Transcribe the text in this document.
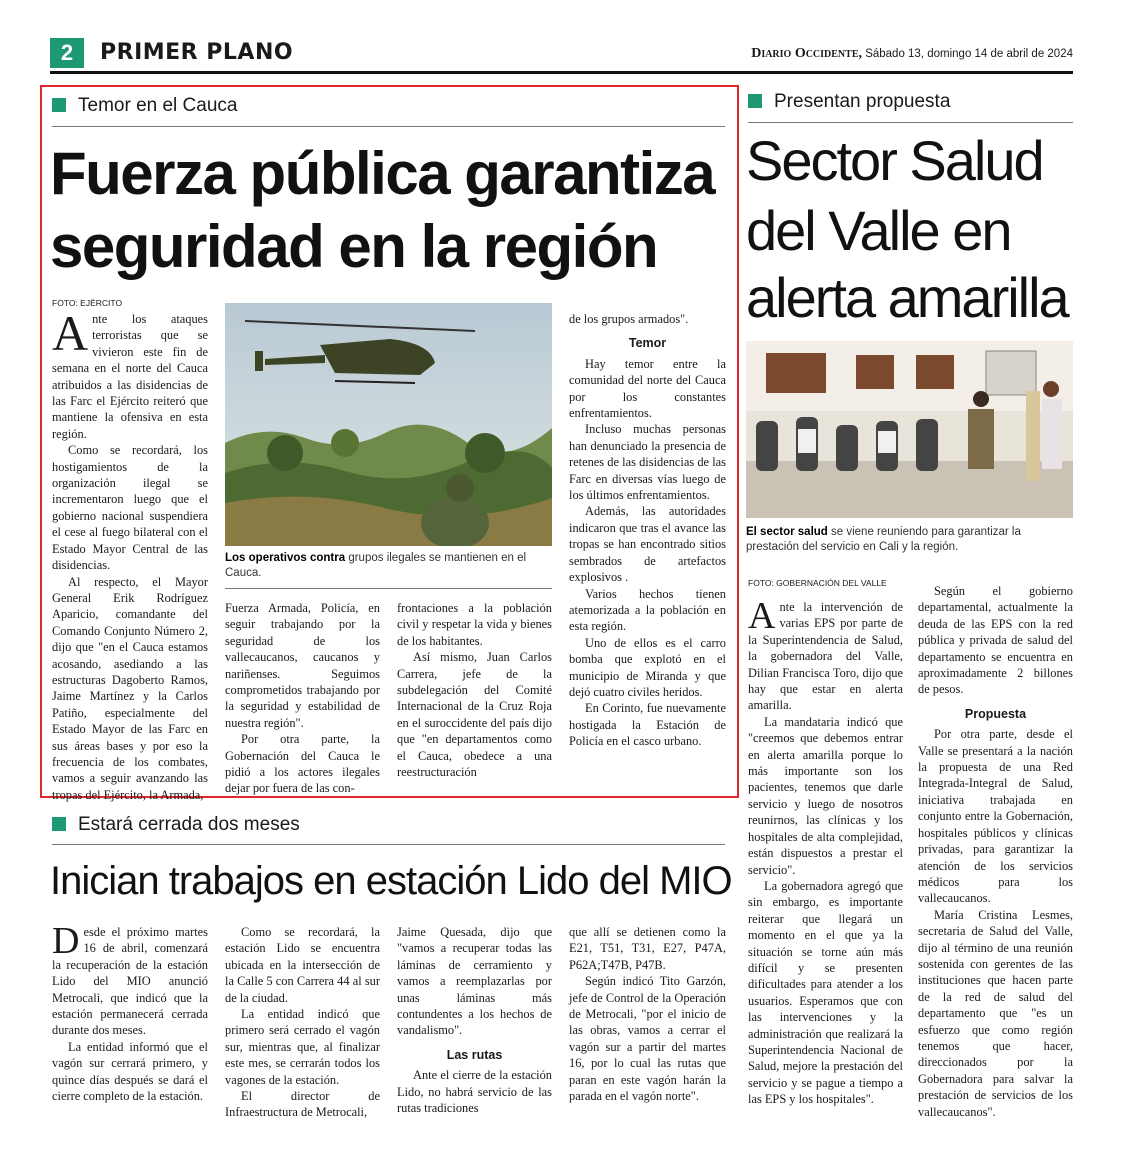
2	PRIMER PLANO	Diario Occidente, Sábado 13, domingo 14 de abril de 2024
Temor en el Cauca
Fuerza pública garantiza
seguridad en la región
FOTO: EJÉRCITO
Los operativos contra grupos ilegales se mantienen en el Cauca.

Ante los ataques terroristas que se vivieron este fin de semana en el norte del Cauca atribuidos a las disidencias de las Farc el Ejército reiteró que mantiene la ofensiva en esta región.

Como se recordará, los hostigamientos de la organización ilegal se incrementaron luego que el gobierno nacional suspendiera el cese al fuego bilateral con el Estado Mayor Central de las disidencias.

Al respecto, el Mayor General Erik Rodríguez Aparicio, comandante del Comando Conjunto Número 2, dijo que "en el Cauca estamos acosando, asediando a las estructuras Dagoberto Ramos, Jaime Martínez y la Carlos Patiño, especialmente del Estado Mayor de las Farc en sus áreas bases y por eso la frecuencia de los combates, vamos a seguir avanzando las tropas del Ejército, la Armada,

Fuerza Armada, Policía, en seguir trabajando por la seguridad de los vallecaucanos, caucanos y nariñenses. Seguimos comprometidos trabajando por la seguridad y estabilidad de nuestra región".

Por otra parte, la Gobernación del Cauca le pidió a los actores ilegales dejar por fuera de las con-

frontaciones a la población civil y respetar la vida y bienes de los habitantes.

Así mismo, Juan Carlos Carrera, jefe de la subdelegación del Comité Internacional de la Cruz Roja en el suroccidente del país dijo que "en departamentos como el Cauca, obedece a una reestructuración

de los grupos armados".

Temor

Hay temor entre la comunidad del norte del Cauca por los constantes enfrentamientos.

Incluso muchas personas han denunciado la presencia de retenes de las disidencias de las Farc en diversas vías luego de los últimos enfrentamientos.

Además, las autoridades indicaron que tras el avance las tropas se han encontrado sitios sembrados de artefactos explosivos .

Varios hechos tienen atemorizada a la población en esta región.

Uno de ellos es el carro bomba que explotó en el municipio de Miranda y que dejó cuatro civiles heridos.

En Corinto, fue nuevamente hostigada la Estación de Policía en el casco urbano.

Presentan propuesta
Sector Salud
del Valle en
alerta amarilla
El sector salud se viene reuniendo para garantizar la prestación del servicio en Cali y la región.
FOTO: GOBERNACIÓN DEL VALLE

Ante la intervención de varias EPS por parte de la Superintendencia de Salud, la gobernadora del Valle, Dilian Francisca Toro, dijo que hay que estar en alerta amarilla.

La mandataria indicó que "creemos que debemos entrar en alerta amarilla porque lo más importante son los pacientes, tenemos que darle servicio y luego de nosotros reunirnos, las clínicas y los hospitales de alta complejidad, están dispuestos a prestar el servicio".

La gobernadora agregó que sin embargo, es importante reiterar que llegará un momento en el que ya la situación se torne aún más difícil y se presenten dificultades para atender a los usuarios. Esperamos que con las intervenciones y la administración que realizará la Superintendencia Nacional de Salud, mejore la prestación del servicio y se pague a tiempo a las EPS y los hospitales".

Según el gobierno departamental, actualmente la deuda de las EPS con la red pública y privada de salud del departamento se encuentra en aproximadamente 2 billones de pesos.

Propuesta

Por otra parte, desde el Valle se presentará a la nación la propuesta de una Red Integrada-Integral de Salud, iniciativa trabajada en conjunto entre la Gobernación, hospitales públicos y clínicas privadas, para garantizar la atención de los servicios médicos para los vallecaucanos.

María Cristina Lesmes, secretaria de Salud del Valle, dijo al término de una reunión sostenida con gerentes de las instituciones que hacen parte de la red de salud del departamento que "es un esfuerzo que como región tenemos que hacer, direccionados por la Gobernadora para salvar la prestación de servicios de los vallecaucanos".

Estará cerrada dos meses
Inician trabajos en estación Lido del MIO

Desde el próximo martes 16 de abril, comenzará la recuperación de la estación Lido del MIO anunció Metrocali, que indicó que la estación permanecerá cerrada durante dos meses.

La entidad informó que el vagón sur cerrará primero, y quince días después se dará el cierre completo de la estación.

Como se recordará, la estación Lido se encuentra ubicada en la intersección de la Calle 5 con Carrera 44 al sur de la ciudad.

La entidad indicó que primero será cerrado el vagón sur, mientras que, al finalizar este mes, se cerrarán todos los vagones de la estación.

El director de Infraestructura de Metrocali,

Jaime Quesada, dijo que "vamos a recuperar todas las láminas de cerramiento y vamos a reemplazarlas por unas láminas más contundentes a los hechos de vandalismo".

Las rutas

Ante el cierre de la estación Lido, no habrá servicio de las rutas tradiciones

que allí se detienen como la E21, T51, T31, E27, P47A, P62A;T47B, P47B.

Según indicó Tito Garzón, jefe de Control de la Operación de Metrocali, "por el inicio de las obras, vamos a cerrar el vagón sur a partir del martes 16, por lo cual las rutas que paran en este vagón harán la parada en el vagón norte".
